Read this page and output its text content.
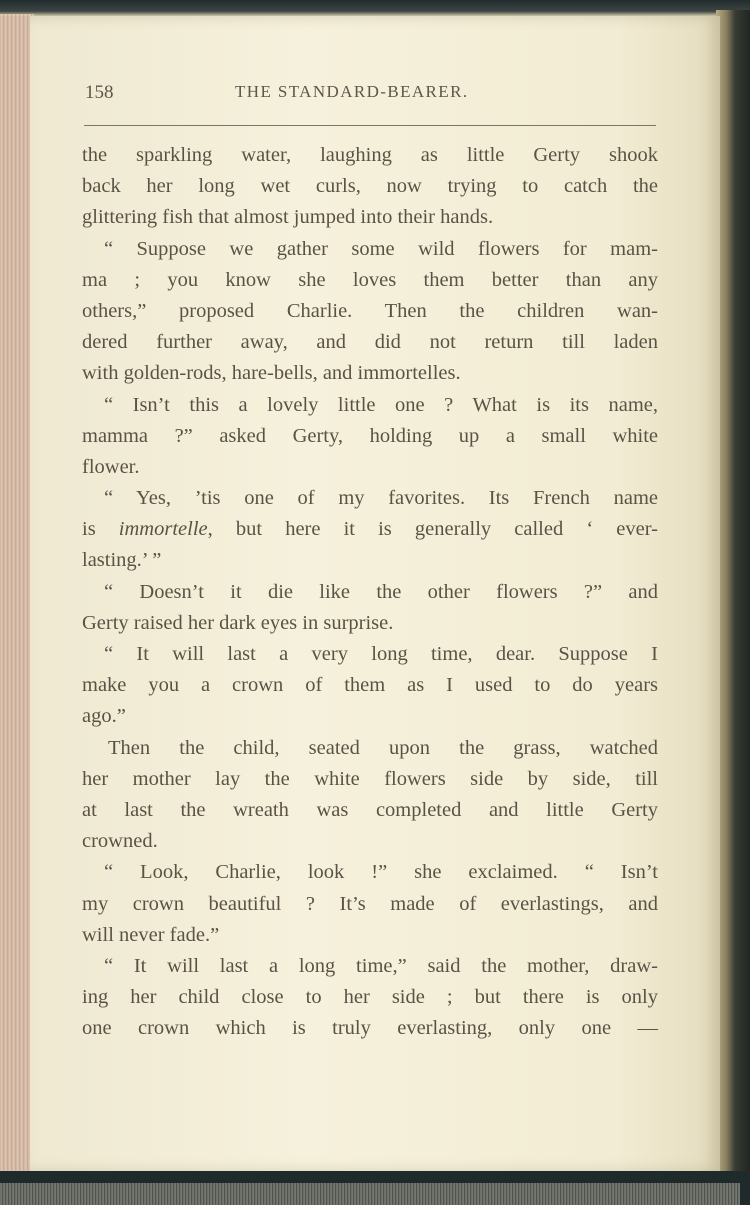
158	THE STANDARD-BEARER.
the sparkling water, laughing as little Gerty shook
back her long wet curls, now trying to catch the
glittering fish that almost jumped into their hands.
“ Suppose we gather some wild flowers for mam-
ma ; you know she loves them better than any
others,” proposed Charlie. Then the children wan-
dered further away, and did not return till laden
with golden-rods, hare-bells, and immortelles.
“ Isn’t this a lovely little one ? What is its name,
mamma ?” asked Gerty, holding up a small white
flower.
“ Yes, ’tis one of my favorites. Its French name
is immortelle, but here it is generally called ‘ ever-
lasting.’ ”
“ Doesn’t it die like the other flowers ?” and
Gerty raised her dark eyes in surprise.
“ It will last a very long time, dear. Suppose I
make you a crown of them as I used to do years
ago.”
Then the child, seated upon the grass, watched
her mother lay the white flowers side by side, till
at last the wreath was completed and little Gerty
crowned.
“ Look, Charlie, look !” she exclaimed. “ Isn’t
my crown beautiful ? It’s made of everlastings, and
will never fade.”
“ It will last a long time,” said the mother, draw-
ing her child close to her side ; but there is only
one crown which is truly everlasting, only one —
